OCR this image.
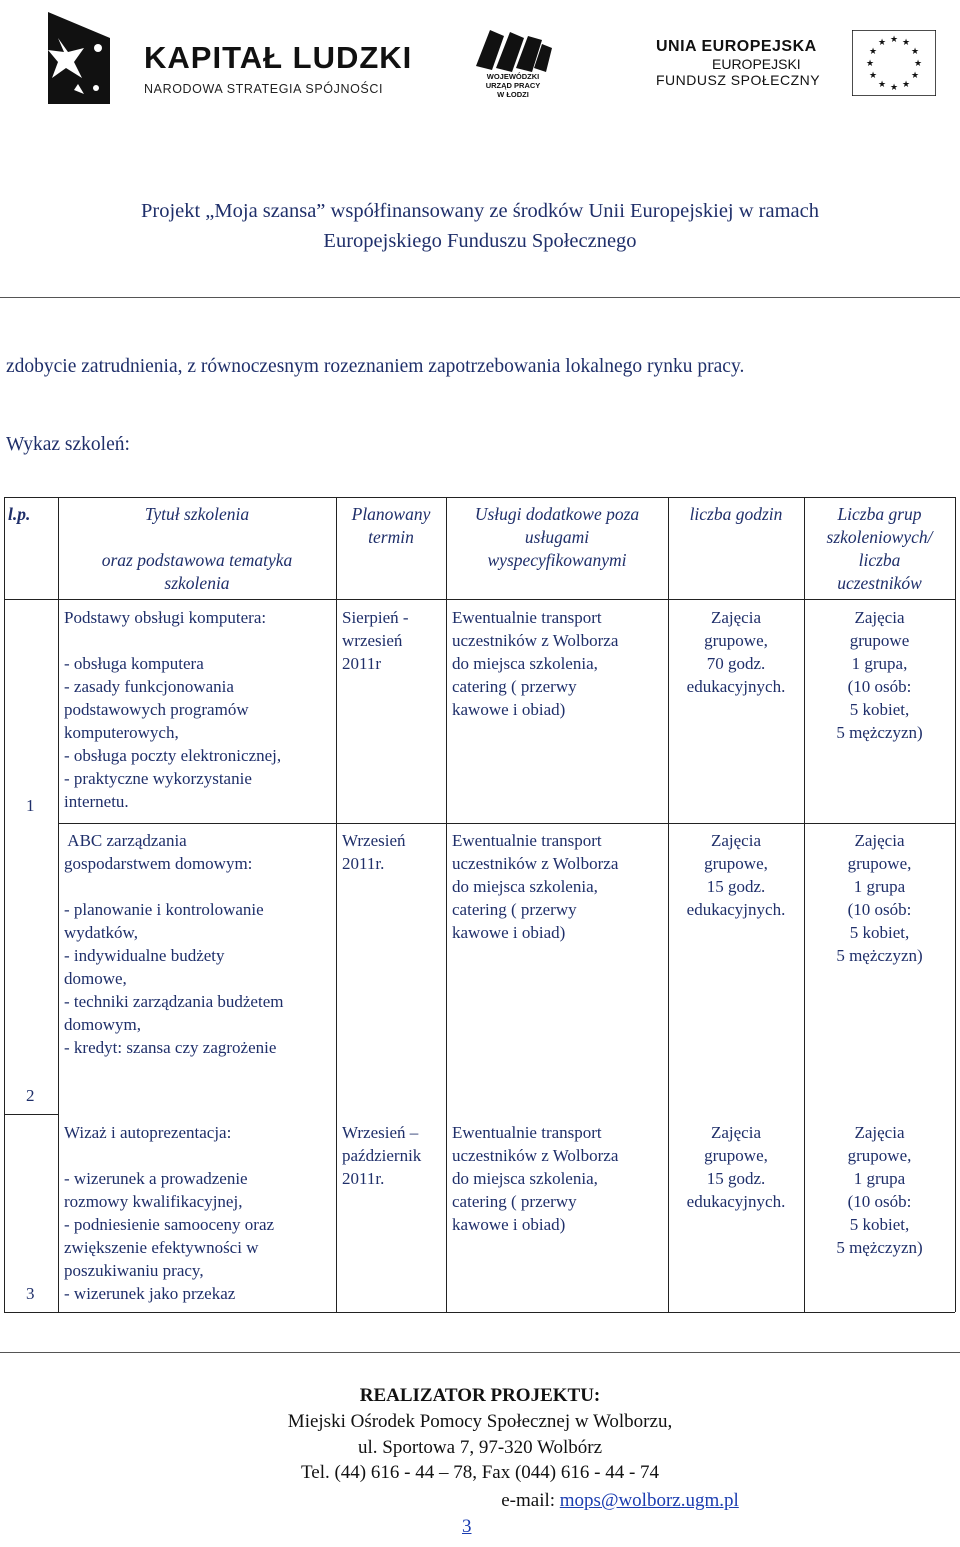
KAPITAŁ LUDZKI
NARODOWA STRATEGIA SPÓJNOŚCI
WOJEWÓDZKI
URZĄD PRACY
W ŁODZI
UNIA EUROPEJSKA
EUROPEJSKI
FUNDUSZ SPOŁECZNY
★ ★
★
★
★
★
★
★
★
★
★
★
Projekt „Moja szansa” współfinansowany ze środków Unii Europejskiej w ramach
Europejskiego Funduszu Społecznego
zdobycie zatrudnienia, z równoczesnym rozeznaniem zapotrzebowania lokalnego rynku pracy.
Wykaz szkoleń:
l.p.	Tytuł szkolenia
oraz podstawowa tematyka
szkolenia
Planowany
termin
Usługi dodatkowe poza
usługami
wyspecyfikowanymi
liczba godzin	Liczba grup
szkoleniowych/
liczba
uczestników
1
Podstawy obsługi komputera:
- obsługa komputera
- zasady funkcjonowania
podstawowych programów
komputerowych,
- obsługa poczty elektronicznej,
- praktyczne wykorzystanie
internetu.
Sierpień -
wrzesień
2011r
Ewentualnie transport
uczestników z Wolborza
do miejsca szkolenia,
catering ( przerwy
kawowe i obiad)
Zajęcia
grupowe,
70 godz.
edukacyjnych.
Zajęcia
grupowe
1 grupa,
(10 osób:
5 kobiet,
5 mężczyzn)
2
ABC zarządzania
gospodarstwem domowym:
- planowanie i kontrolowanie
wydatków,
- indywidualne budżety
domowe,
- techniki zarządzania budżetem
domowym,
- kredyt: szansa czy zagrożenie
Wrzesień
2011r.
Ewentualnie transport
uczestników z Wolborza
do miejsca szkolenia,
catering ( przerwy
kawowe i obiad)
Zajęcia
grupowe,
15 godz.
edukacyjnych.
Zajęcia
grupowe,
1 grupa
(10 osób:
5 kobiet,
5 mężczyzn)
3
Wizaż i autoprezentacja:
- wizerunek a prowadzenie
rozmowy kwalifikacyjnej,
- podniesienie samooceny oraz
zwiększenie efektywności w
poszukiwaniu pracy,
- wizerunek jako przekaz
Wrzesień –
październik
2011r.
Ewentualnie transport
uczestników z Wolborza
do miejsca szkolenia,
catering ( przerwy
kawowe i obiad)
Zajęcia
grupowe,
15 godz.
edukacyjnych.
Zajęcia
grupowe,
1 grupa
(10 osób:
5 kobiet,
5 mężczyzn)
REALIZATOR PROJEKTU:
Miejski Ośrodek Pomocy Społecznej w Wolborzu,
ul. Sportowa 7, 97-320 Wolbórz
Tel. (44) 616 - 44 – 78, Fax (044) 616 - 44 - 74
e-mail: mops@wolborz.ugm.pl
3
